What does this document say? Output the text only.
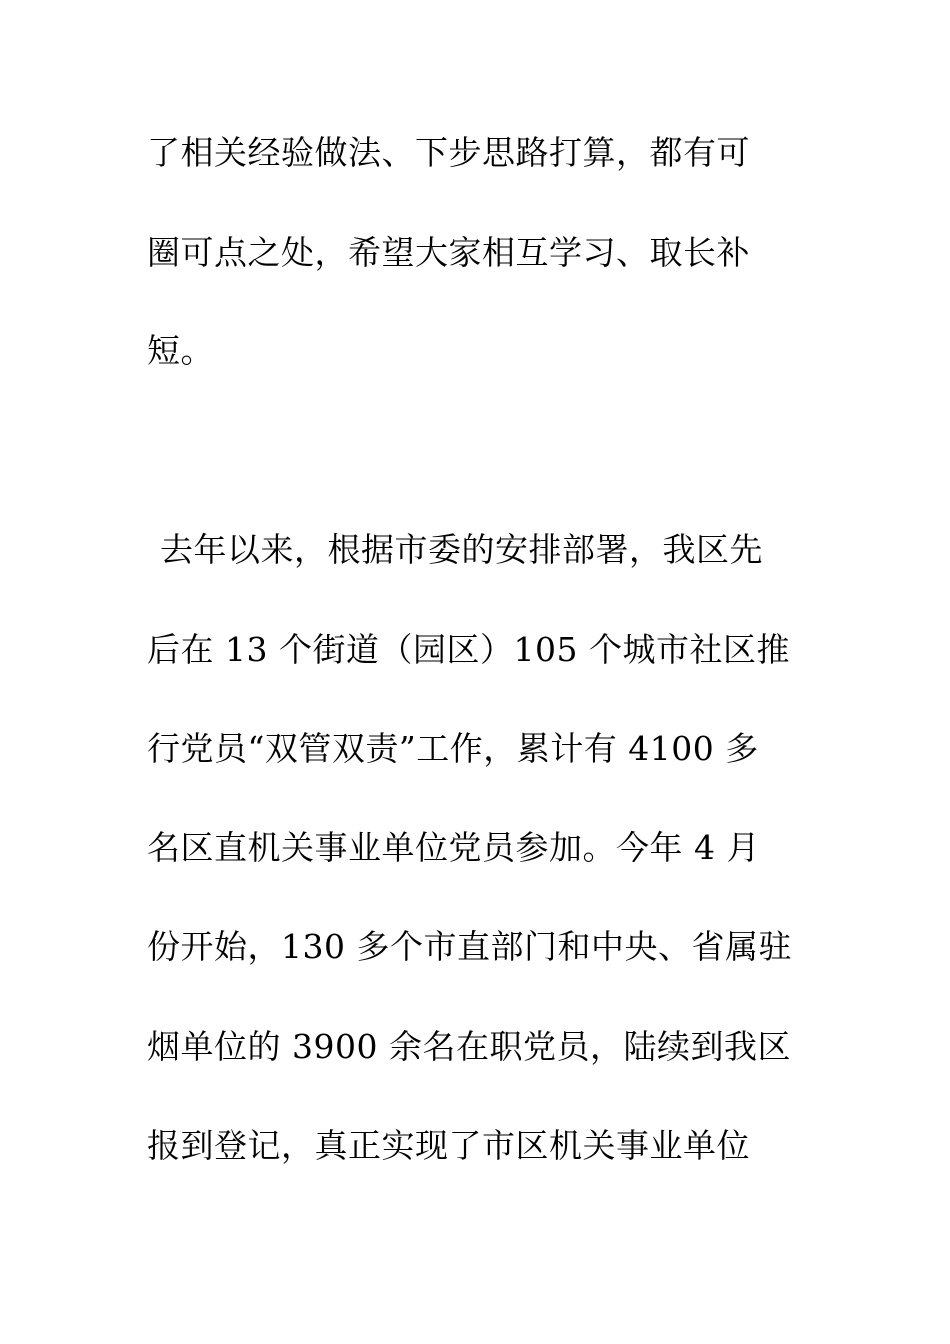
了相关经验做法、下步思路打算，都有可
圈可点之处，希望大家相互学习、取长补
短。
去年以来，根据市委的安排部署，我区先
后在 13 个街道（园区）105 个城市社区推
行党员“双管双责”工作，累计有 4100 多
名区直机关事业单位党员参加。今年 4 月
份开始，130 多个市直部门和中央、省属驻
烟单位的 3900 余名在职党员，陆续到我区
报到登记，真正实现了市区机关事业单位
